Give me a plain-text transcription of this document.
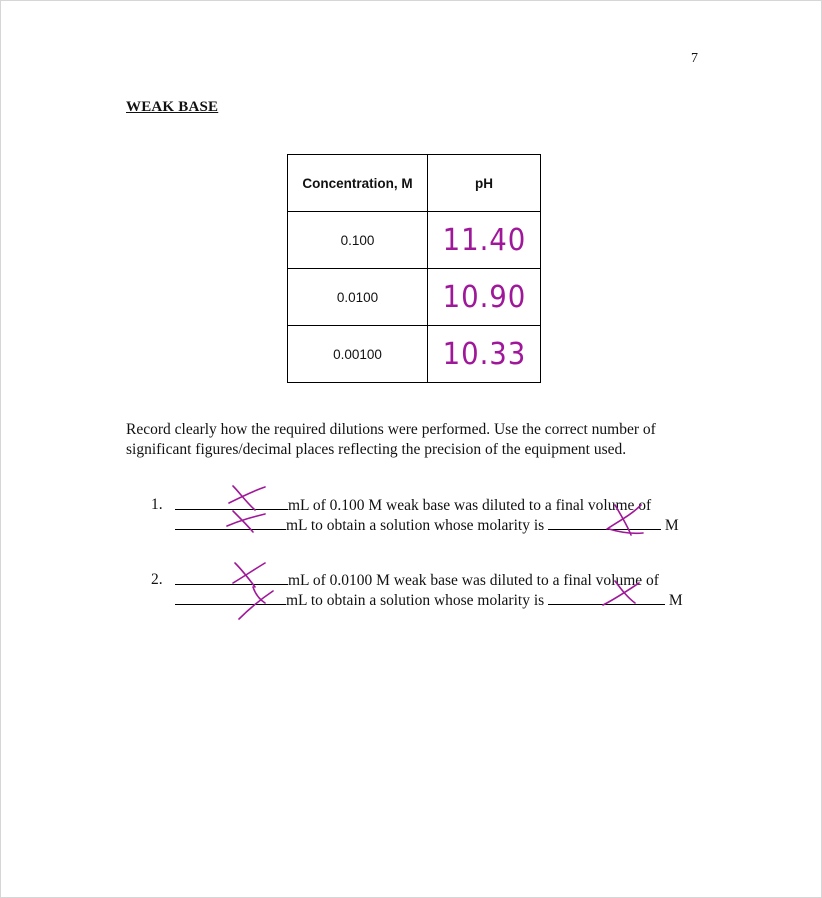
7
WEAK BASE
Concentration, M	pH
0.100	11.40
0.0100	10.90
0.00100	10.33
Record clearly how the required dilutions were performed. Use the correct number of significant figures/decimal places reflecting the precision of the equipment used.
1.	mL of 0.100 M weak base was diluted to a final volume of
mL to obtain a solution whose molarity is	M
2.	mL of 0.0100 M weak base was diluted to a final volume of
mL to obtain a solution whose molarity is	M
